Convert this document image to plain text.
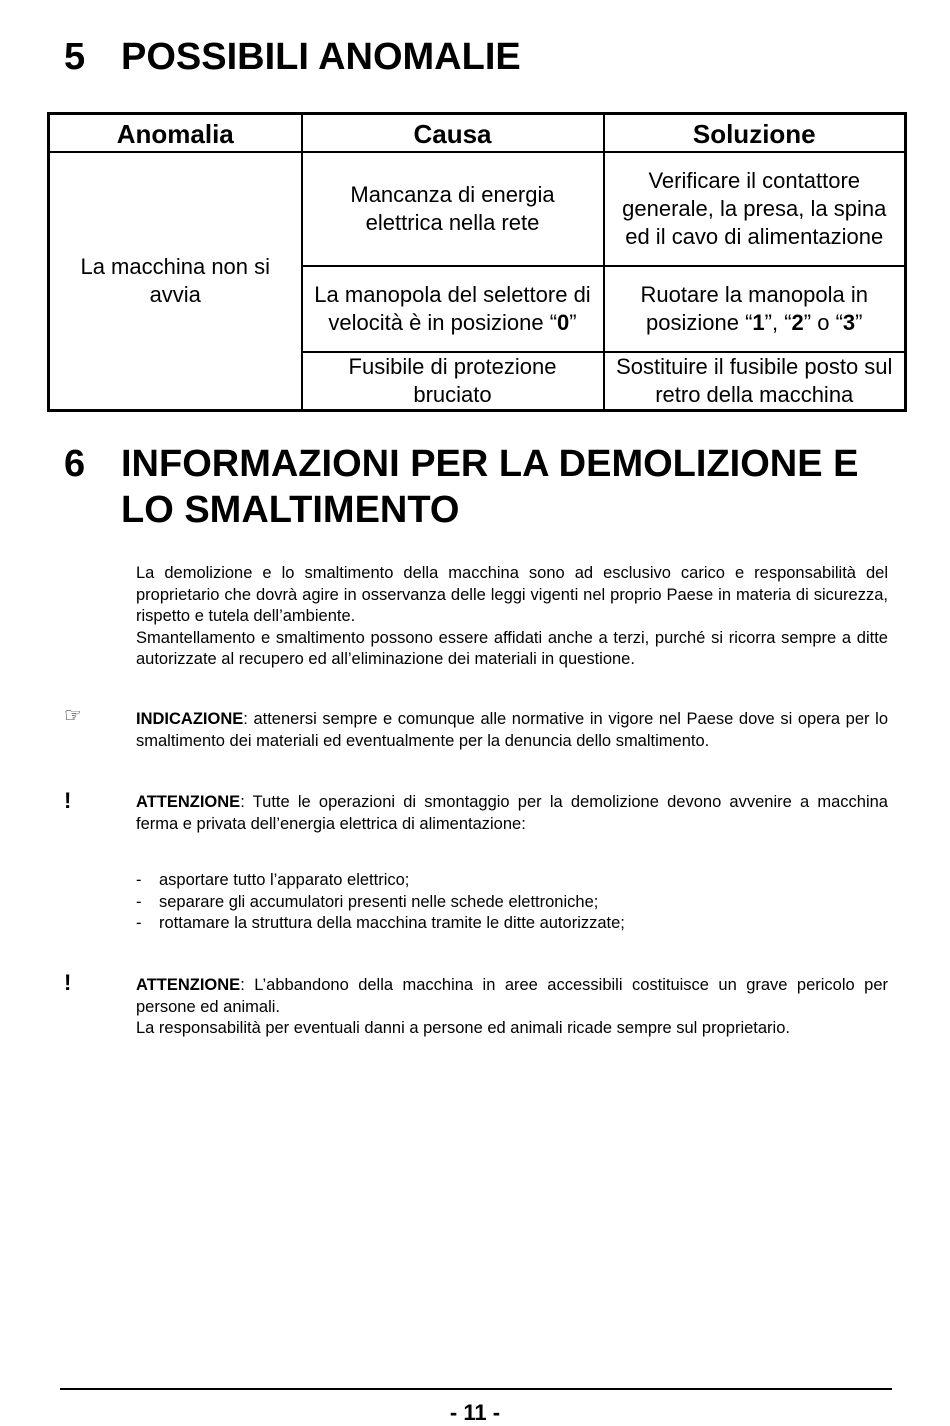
5 POSSIBILI ANOMALIE
Anomalia	Causa	Soluzione
La macchina non si avvia	Mancanza di energia elettrica nella rete	Verificare il contattore generale, la presa, la spina ed il cavo di alimentazione
	La manopola del selettore di velocità è in posizione “0”	Ruotare la manopola in posizione “1”, “2” o “3”
	Fusibile di protezione bruciato	Sostituire il fusibile posto sul retro della macchina
6 INFORMAZIONI PER LA DEMOLIZIONE E
LO SMALTIMENTO

La demolizione e lo smaltimento della macchina sono ad esclusivo carico e responsabilità del proprietario che dovrà agire in osservanza delle leggi vigenti nel proprio Paese in materia di sicurezza, rispetto e tutela dell’ambiente.

Smantellamento e smaltimento possono essere affidati anche a terzi, purché si ricorra sempre a ditte autorizzate al recupero ed all’eliminazione dei materiali in questione.

☞	INDICAZIONE: attenersi sempre e comunque alle normative in vigore nel Paese dove si opera per lo smaltimento dei materiali ed eventualmente per la denuncia dello smaltimento.

!	ATTENZIONE: Tutte le operazioni di smontaggio per la demolizione devono avvenire a macchina ferma e privata dell’energia elettrica di alimentazione:

- asportare tutto l’apparato elettrico;
- separare gli accumulatori presenti nelle schede elettroniche;
- rottamare la struttura della macchina tramite le ditte autorizzate;
!	ATTENZIONE: L’abbandono della macchina in aree accessibili costituisce un grave pericolo per persone ed animali.

La responsabilità per eventuali danni a persone ed animali ricade sempre sul proprietario.

- 11 -
